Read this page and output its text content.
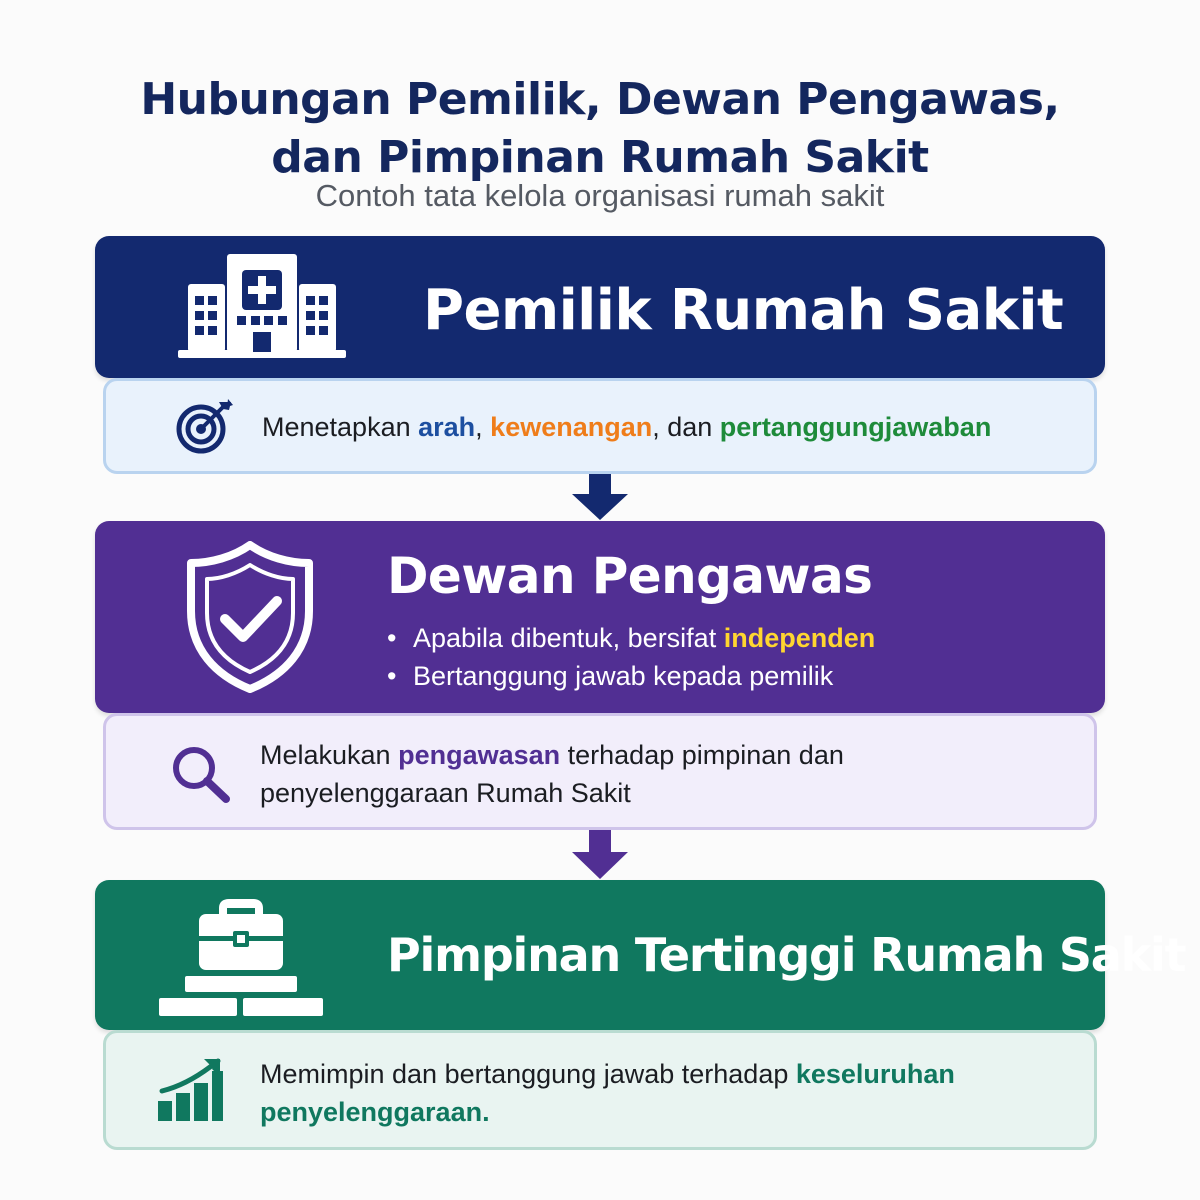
Hubungan Pemilik, Dewan Pengawas,
dan Pimpinan Rumah Sakit
Contoh tata kelola organisasi rumah sakit
Pemilik Rumah Sakit
Menetapkan arah, kewenangan, dan pertanggungjawaban
Dewan Pengawas
• Apabila dibentuk, bersifat independen
• Bertanggung jawab kepada pemilik
Melakukan pengawasan terhadap pimpinan dan penyelenggaraan Rumah Sakit
Pimpinan Tertinggi Rumah Sakit
Memimpin dan bertanggung jawab terhadap keseluruhan penyelenggaraan.
